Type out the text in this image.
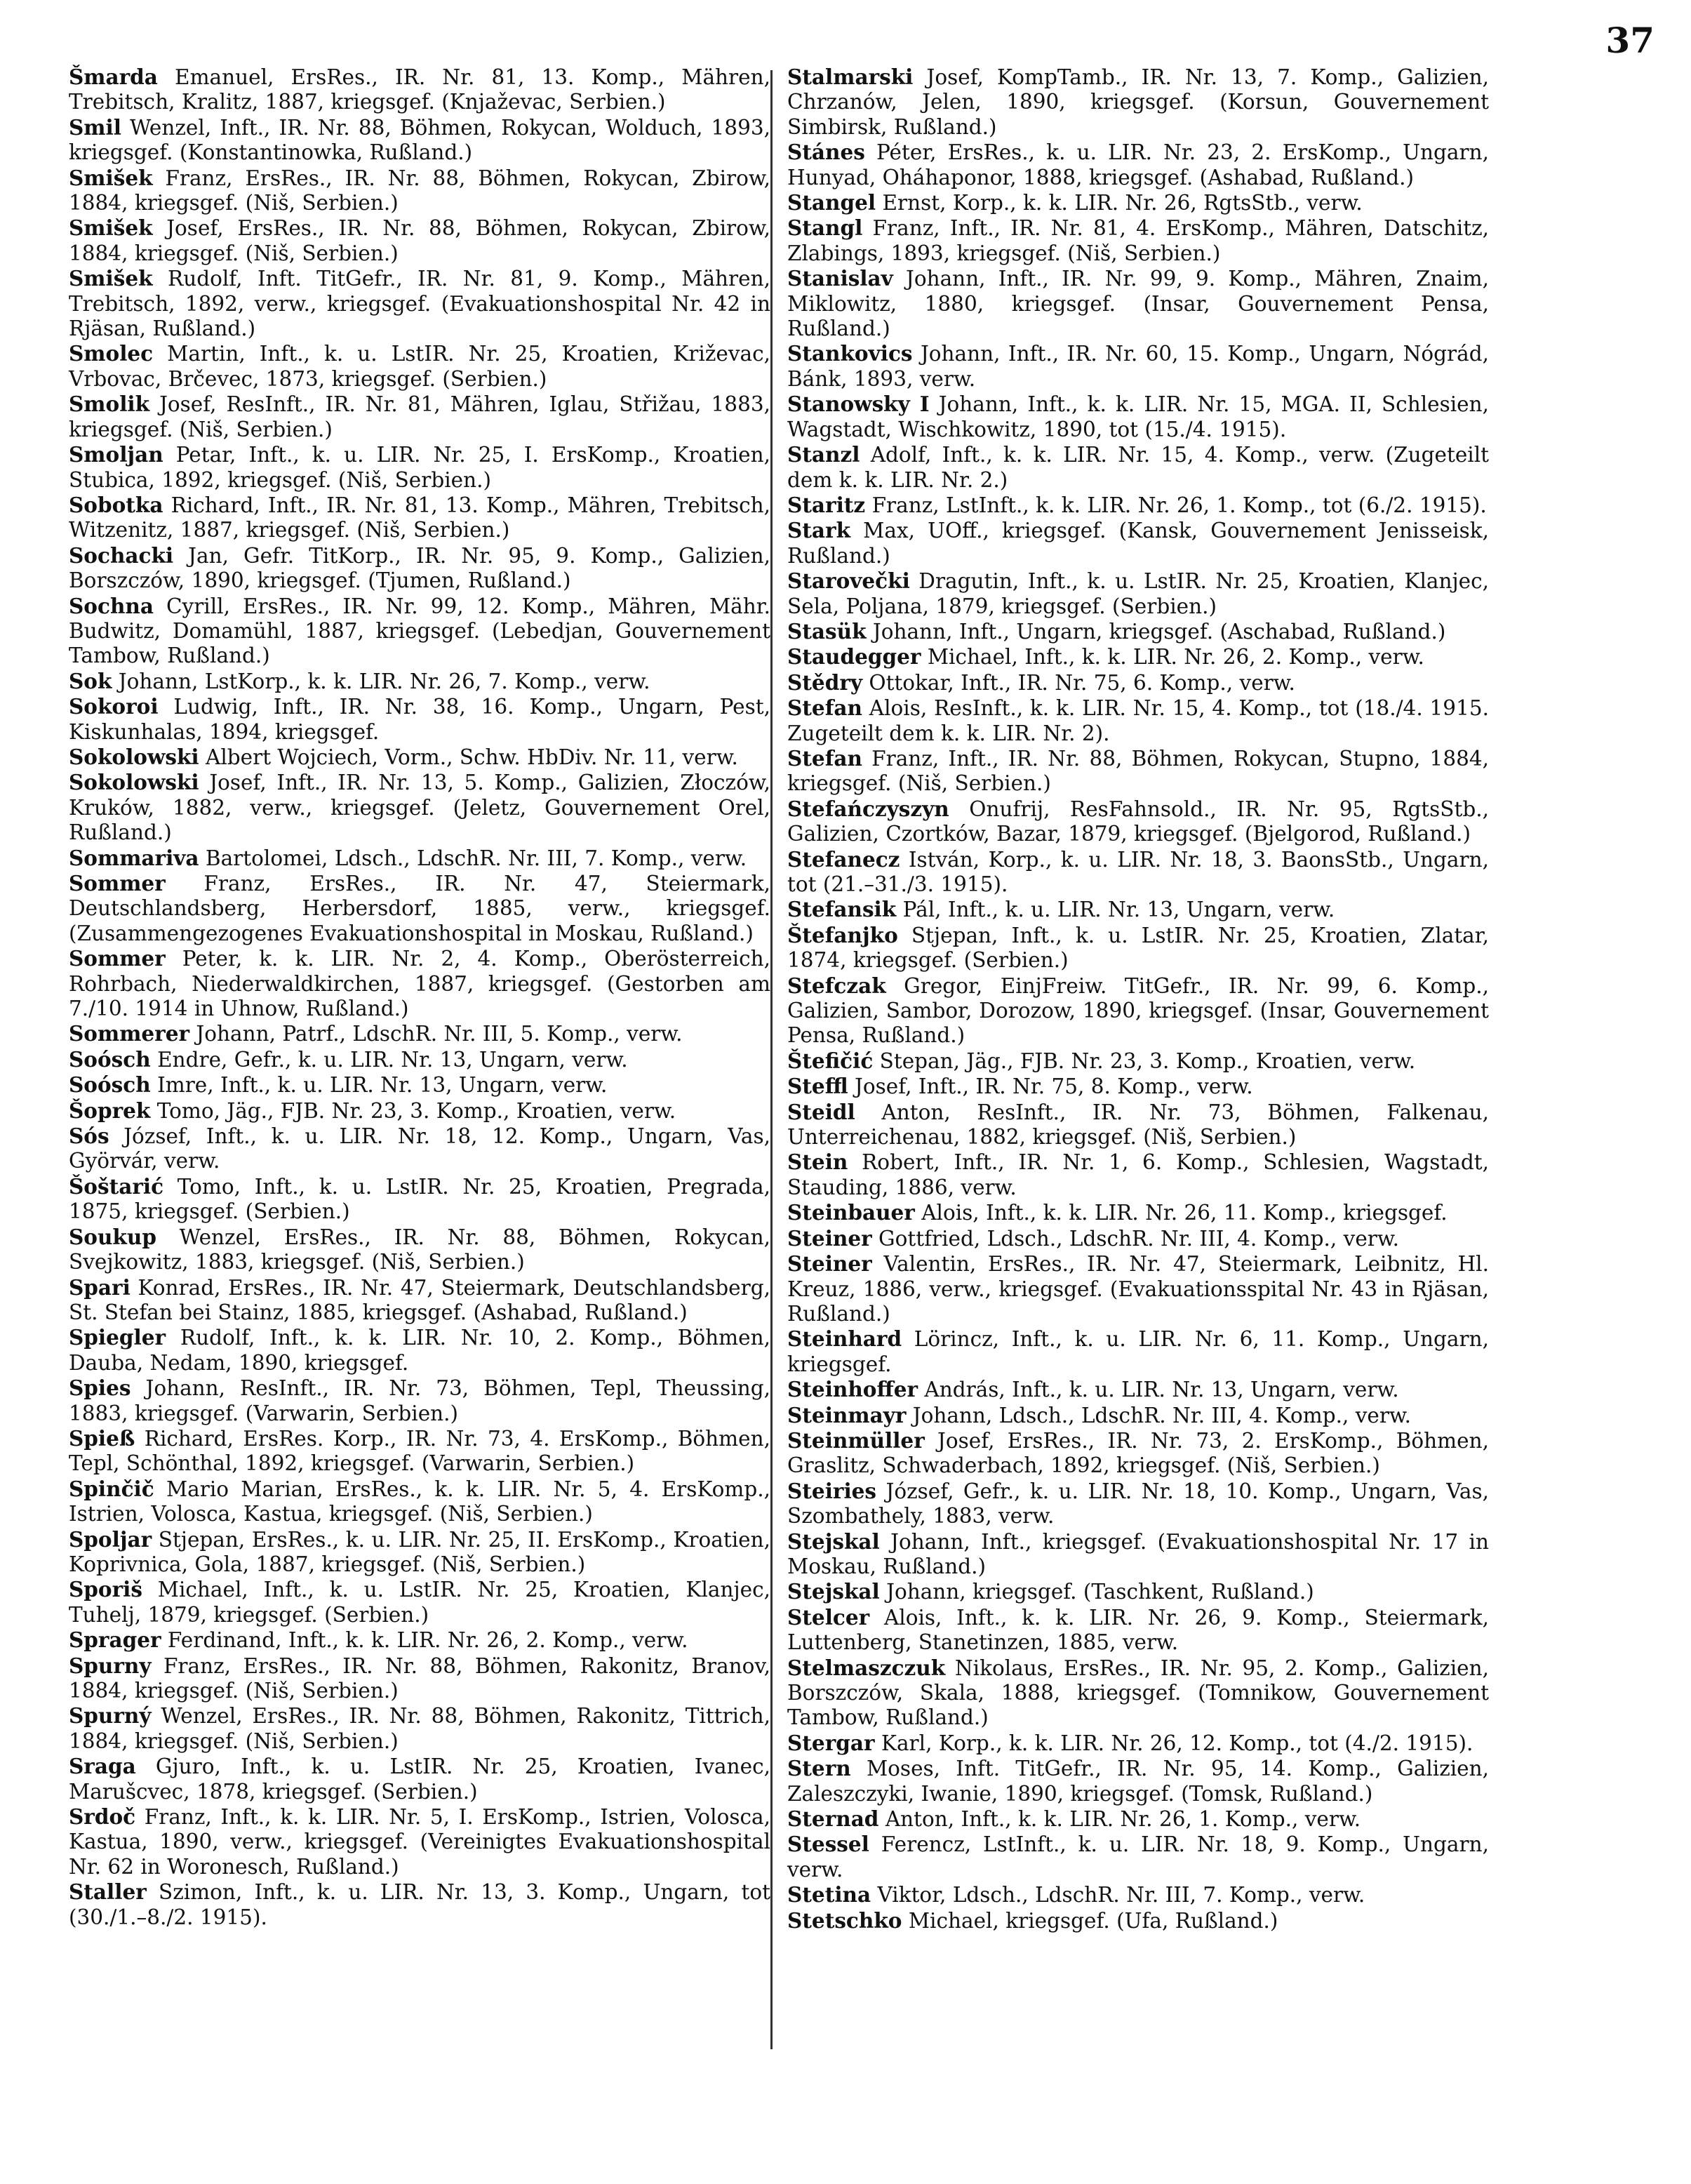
37

Šmarda Emanuel, ErsRes., IR. Nr. 81, 13. Komp., Mähren, Trebitsch, Kralitz, 1887, kriegsgef. (Knjaževac, Serbien.)

Smil Wenzel, Inft., IR. Nr. 88, Böhmen, Rokycan, Wolduch, 1893, kriegsgef. (Konstantinowka, Rußland.)

Smišek Franz, ErsRes., IR. Nr. 88, Böhmen, Rokycan, Zbirow, 1884, kriegsgef. (Niš, Serbien.)

Smišek Josef, ErsRes., IR. Nr. 88, Böhmen, Rokycan, Zbirow, 1884, kriegsgef. (Niš, Serbien.)

Smišek Rudolf, Inft. TitGefr., IR. Nr. 81, 9. Komp., Mähren, Trebitsch, 1892, verw., kriegsgef. (Evakuationshospital Nr. 42 in Rjäsan, Rußland.)

Smolec Martin, Inft., k. u. LstIR. Nr. 25, Kroatien, Križevac, Vrbovac, Brčevec, 1873, kriegsgef. (Serbien.)

Smolik Josef, ResInft., IR. Nr. 81, Mähren, Iglau, Střižau, 1883, kriegsgef. (Niš, Serbien.)

Smoljan Petar, Inft., k. u. LIR. Nr. 25, I. ErsKomp., Kroatien, Stubica, 1892, kriegsgef. (Niš, Serbien.)

Sobotka Richard, Inft., IR. Nr. 81, 13. Komp., Mähren, Trebitsch, Witzenitz, 1887, kriegsgef. (Niš, Serbien.)

Sochacki Jan, Gefr. TitKorp., IR. Nr. 95, 9. Komp., Galizien, Borszczów, 1890, kriegsgef. (Tjumen, Rußland.)

Sochna Cyrill, ErsRes., IR. Nr. 99, 12. Komp., Mähren, Mähr. Budwitz, Domamühl, 1887, kriegsgef. (Lebedjan, Gouvernement Tambow, Rußland.)

Sok Johann, LstKorp., k. k. LIR. Nr. 26, 7. Komp., verw.

Sokoroi Ludwig, Inft., IR. Nr. 38, 16. Komp., Ungarn, Pest, Kiskunhalas, 1894, kriegsgef.

Sokolowski Albert Wojciech, Vorm., Schw. HbDiv. Nr. 11, verw.

Sokolowski Josef, Inft., IR. Nr. 13, 5. Komp., Galizien, Złoczów, Kruków, 1882, verw., kriegsgef. (Jeletz, Gouvernement Orel, Rußland.)

Sommariva Bartolomei, Ldsch., LdschR. Nr. III, 7. Komp., verw.

Sommer Franz, ErsRes., IR. Nr. 47, Steiermark, Deutschlandsberg, Herbersdorf, 1885, verw., kriegsgef. (Zusammengezogenes Evakuationshospital in Moskau, Rußland.)

Sommer Peter, k. k. LIR. Nr. 2, 4. Komp., Oberösterreich, Rohrbach, Niederwaldkirchen, 1887, kriegsgef. (Gestorben am 7./10. 1914 in Uhnow, Rußland.)

Sommerer Johann, Patrf., LdschR. Nr. III, 5. Komp., verw.

Soósch Endre, Gefr., k. u. LIR. Nr. 13, Ungarn, verw.

Soósch Imre, Inft., k. u. LIR. Nr. 13, Ungarn, verw.

Šoprek Tomo, Jäg., FJB. Nr. 23, 3. Komp., Kroatien, verw.

Sós József, Inft., k. u. LIR. Nr. 18, 12. Komp., Ungarn, Vas, Györvár, verw.

Šoštarić Tomo, Inft., k. u. LstIR. Nr. 25, Kroatien, Pregrada, 1875, kriegsgef. (Serbien.)

Soukup Wenzel, ErsRes., IR. Nr. 88, Böhmen, Rokycan, Svejkowitz, 1883, kriegsgef. (Niš, Serbien.)

Spari Konrad, ErsRes., IR. Nr. 47, Steiermark, Deutschlandsberg, St. Stefan bei Stainz, 1885, kriegsgef. (Ashabad, Rußland.)

Spiegler Rudolf, Inft., k. k. LIR. Nr. 10, 2. Komp., Böhmen, Dauba, Nedam, 1890, kriegsgef.

Spies Johann, ResInft., IR. Nr. 73, Böhmen, Tepl, Theussing, 1883, kriegsgef. (Varwarin, Serbien.)

Spieß Richard, ErsRes. Korp., IR. Nr. 73, 4. ErsKomp., Böhmen, Tepl, Schönthal, 1892, kriegsgef. (Varwarin, Serbien.)

Spinčič Mario Marian, ErsRes., k. k. LIR. Nr. 5, 4. ErsKomp., Istrien, Volosca, Kastua, kriegsgef. (Niš, Serbien.)

Spoljar Stjepan, ErsRes., k. u. LIR. Nr. 25, II. ErsKomp., Kroatien, Koprivnica, Gola, 1887, kriegsgef. (Niš, Serbien.)

Sporiš Michael, Inft., k. u. LstIR. Nr. 25, Kroatien, Klanjec, Tuhelj, 1879, kriegsgef. (Serbien.)

Sprager Ferdinand, Inft., k. k. LIR. Nr. 26, 2. Komp., verw.

Spurny Franz, ErsRes., IR. Nr. 88, Böhmen, Rakonitz, Branov, 1884, kriegsgef. (Niš, Serbien.)

Spurný Wenzel, ErsRes., IR. Nr. 88, Böhmen, Rakonitz, Tittrich, 1884, kriegsgef. (Niš, Serbien.)

Sraga Gjuro, Inft., k. u. LstIR. Nr. 25, Kroatien, Ivanec, Marušcvec, 1878, kriegsgef. (Serbien.)

Srdoč Franz, Inft., k. k. LIR. Nr. 5, I. ErsKomp., Istrien, Volosca, Kastua, 1890, verw., kriegsgef. (Vereinigtes Evakuationshospital Nr. 62 in Woronesch, Rußland.)

Staller Szimon, Inft., k. u. LIR. Nr. 13, 3. Komp., Ungarn, tot (30./1.–8./2. 1915).

Stalmarski Josef, KompTamb., IR. Nr. 13, 7. Komp., Galizien, Chrzanów, Jelen, 1890, kriegsgef. (Korsun, Gouvernement Simbirsk, Rußland.)

Stánes Péter, ErsRes., k. u. LIR. Nr. 23, 2. ErsKomp., Ungarn, Hunyad, Oháhaponor, 1888, kriegsgef. (Ashabad, Rußland.)

Stangel Ernst, Korp., k. k. LIR. Nr. 26, RgtsStb., verw.

Stangl Franz, Inft., IR. Nr. 81, 4. ErsKomp., Mähren, Datschitz, Zlabings, 1893, kriegsgef. (Niš, Serbien.)

Stanislav Johann, Inft., IR. Nr. 99, 9. Komp., Mähren, Znaim, Miklowitz, 1880, kriegsgef. (Insar, Gouvernement Pensa, Rußland.)

Stankovics Johann, Inft., IR. Nr. 60, 15. Komp., Ungarn, Nógrád, Bánk, 1893, verw.

Stanowsky I Johann, Inft., k. k. LIR. Nr. 15, MGA. II, Schlesien, Wagstadt, Wischkowitz, 1890, tot (15./4. 1915).

Stanzl Adolf, Inft., k. k. LIR. Nr. 15, 4. Komp., verw. (Zugeteilt dem k. k. LIR. Nr. 2.)

Staritz Franz, LstInft., k. k. LIR. Nr. 26, 1. Komp., tot (6./2. 1915).

Stark Max, UOff., kriegsgef. (Kansk, Gouvernement Jenisseisk, Rußland.)

Starovečki Dragutin, Inft., k. u. LstIR. Nr. 25, Kroatien, Klanjec, Sela, Poljana, 1879, kriegsgef. (Serbien.)

Stasük Johann, Inft., Ungarn, kriegsgef. (Aschabad, Rußland.)

Staudegger Michael, Inft., k. k. LIR. Nr. 26, 2. Komp., verw.

Stědry Ottokar, Inft., IR. Nr. 75, 6. Komp., verw.

Stefan Alois, ResInft., k. k. LIR. Nr. 15, 4. Komp., tot (18./4. 1915. Zugeteilt dem k. k. LIR. Nr. 2).

Stefan Franz, Inft., IR. Nr. 88, Böhmen, Rokycan, Stupno, 1884, kriegsgef. (Niš, Serbien.)

Stefańczyszyn Onufrij, ResFahnsold., IR. Nr. 95, RgtsStb., Galizien, Czortków, Bazar, 1879, kriegsgef. (Bjelgorod, Rußland.)

Stefanecz István, Korp., k. u. LIR. Nr. 18, 3. BaonsStb., Ungarn, tot (21.–31./3. 1915).

Stefansik Pál, Inft., k. u. LIR. Nr. 13, Ungarn, verw.

Štefanjko Stjepan, Inft., k. u. LstIR. Nr. 25, Kroatien, Zlatar, 1874, kriegsgef. (Serbien.)

Stefczak Gregor, EinjFreiw. TitGefr., IR. Nr. 99, 6. Komp., Galizien, Sambor, Dorozow, 1890, kriegsgef. (Insar, Gouvernement Pensa, Rußland.)

Štefičić Stepan, Jäg., FJB. Nr. 23, 3. Komp., Kroatien, verw.

Steffl Josef, Inft., IR. Nr. 75, 8. Komp., verw.

Steidl Anton, ResInft., IR. Nr. 73, Böhmen, Falkenau, Unterreichenau, 1882, kriegsgef. (Niš, Serbien.)

Stein Robert, Inft., IR. Nr. 1, 6. Komp., Schlesien, Wagstadt, Stauding, 1886, verw.

Steinbauer Alois, Inft., k. k. LIR. Nr. 26, 11. Komp., kriegsgef.

Steiner Gottfried, Ldsch., LdschR. Nr. III, 4. Komp., verw.

Steiner Valentin, ErsRes., IR. Nr. 47, Steiermark, Leibnitz, Hl. Kreuz, 1886, verw., kriegsgef. (Evakuationsspital Nr. 43 in Rjäsan, Rußland.)

Steinhard Lörincz, Inft., k. u. LIR. Nr. 6, 11. Komp., Ungarn, kriegsgef.

Steinhoffer András, Inft., k. u. LIR. Nr. 13, Ungarn, verw.

Steinmayr Johann, Ldsch., LdschR. Nr. III, 4. Komp., verw.

Steinmüller Josef, ErsRes., IR. Nr. 73, 2. ErsKomp., Böhmen, Graslitz, Schwaderbach, 1892, kriegsgef. (Niš, Serbien.)

Steiries József, Gefr., k. u. LIR. Nr. 18, 10. Komp., Ungarn, Vas, Szombathely, 1883, verw.

Stejskal Johann, Inft., kriegsgef. (Evakuationshospital Nr. 17 in Moskau, Rußland.)

Stejskal Johann, kriegsgef. (Taschkent, Rußland.)

Stelcer Alois, Inft., k. k. LIR. Nr. 26, 9. Komp., Steiermark, Luttenberg, Stanetinzen, 1885, verw.

Stelmaszczuk Nikolaus, ErsRes., IR. Nr. 95, 2. Komp., Galizien, Borszczów, Skala, 1888, kriegsgef. (Tomnikow, Gouvernement Tambow, Rußland.)

Stergar Karl, Korp., k. k. LIR. Nr. 26, 12. Komp., tot (4./2. 1915).

Stern Moses, Inft. TitGefr., IR. Nr. 95, 14. Komp., Galizien, Zaleszczyki, Iwanie, 1890, kriegsgef. (Tomsk, Rußland.)

Sternad Anton, Inft., k. k. LIR. Nr. 26, 1. Komp., verw.

Stessel Ferencz, LstInft., k. u. LIR. Nr. 18, 9. Komp., Ungarn, verw.

Stetina Viktor, Ldsch., LdschR. Nr. III, 7. Komp., verw.

Stetschko Michael, kriegsgef. (Ufa, Rußland.)
